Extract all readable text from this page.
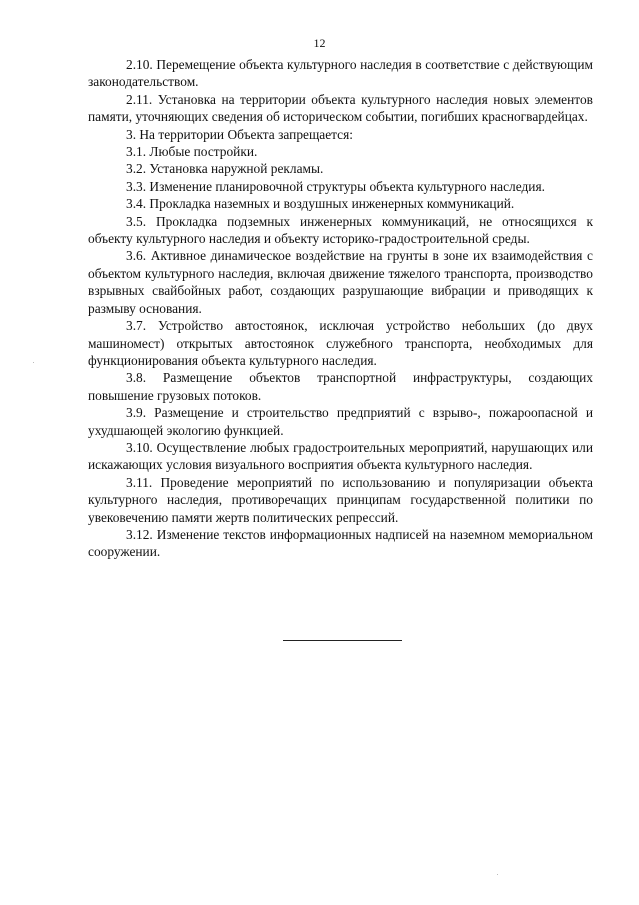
12

2.10. Перемещение объекта культурного наследия в соответствие с действующим законодательством.

2.11. Установка на территории объекта культурного наследия новых элементов памяти, уточняющих сведения об историческом событии, погибших красногвардейцах.

3. На территории Объекта запрещается:

3.1. Любые постройки.

3.2. Установка наружной рекламы.

3.3. Изменение планировочной структуры объекта культурного наследия.

3.4. Прокладка наземных и воздушных инженерных коммуникаций.

3.5. Прокладка подземных инженерных коммуникаций, не относящихся к объекту культурного наследия и объекту историко-градостроительной среды.

3.6. Активное динамическое воздействие на грунты в зоне их взаимодействия с объектом культурного наследия, включая движение тяжелого транспорта, производство взрывных свайбойных работ, создающих разрушающие вибрации и приводящих к размыву основания.

3.7. Устройство автостоянок, исключая устройство небольших (до двух машиномест) открытых автостоянок служебного транспорта, необходимых для функционирования объекта культурного наследия.

3.8. Размещение объектов транспортной инфраструктуры, создающих повышение грузовых потоков.

3.9. Размещение и строительство предприятий с взрыво-, пожароопасной и ухудшающей экологию функцией.

3.10. Осуществление любых градостроительных мероприятий, нарушающих или искажающих условия визуального восприятия объекта культурного наследия.

3.11. Проведение мероприятий по использованию и популяризации объекта культурного наследия, противоречащих принципам государственной политики по увековечению памяти жертв политических репрессий.

3.12. Изменение текстов информационных надписей на наземном мемориальном сооружении.
